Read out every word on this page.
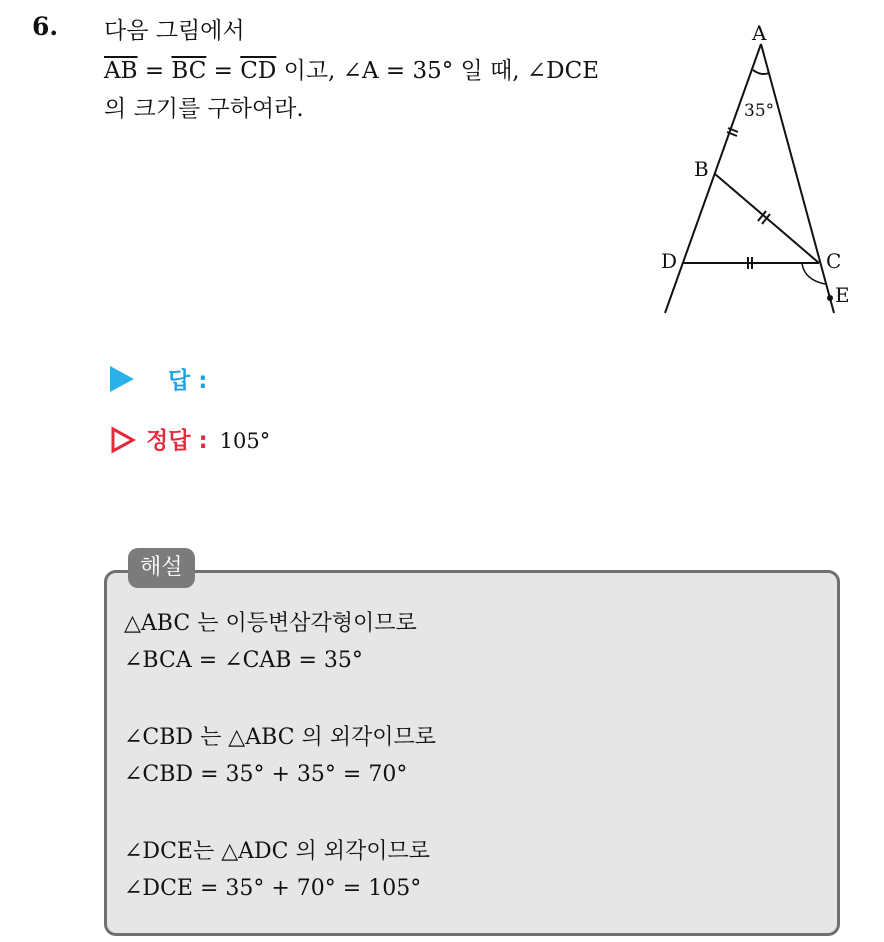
6. 다음 그림에서
$\overline{AB} = \overline{BC} = \overline{CD}$ 이고, ∠A = 35° 일 때, ∠DCE
의 크기를 구하여라.
A
B
C
D
E
35°
답 :
정답 : 105°
해설
△ABC 는 이등변삼각형이므로
∠BCA = ∠CAB = 35°
∠CBD 는 △ABC 의 외각이므로
∠CBD = 35° + 35° = 70°
∠DCE는 △ADC 의 외각이므로
∠DCE = 35° + 70° = 105°
